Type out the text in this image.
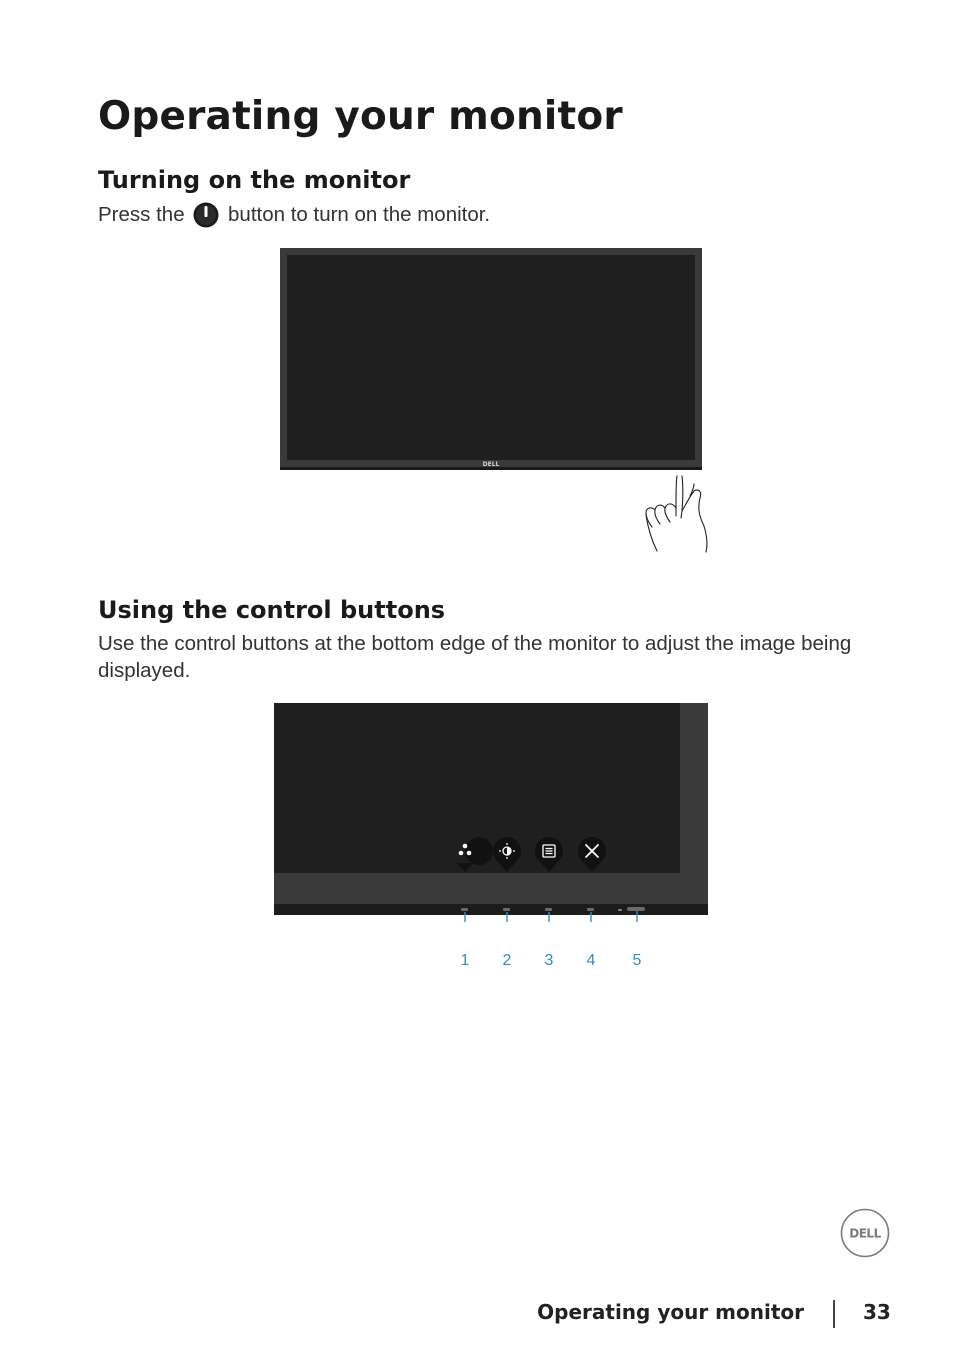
Operating your monitor
Turning on the monitor

Press the button to turn on the monitor.

DELL
Using the control buttons

Use the control buttons at the bottom edge of the monitor to adjust the image being displayed.

1	2	3	4	5
DELL
Operating your monitor	33
